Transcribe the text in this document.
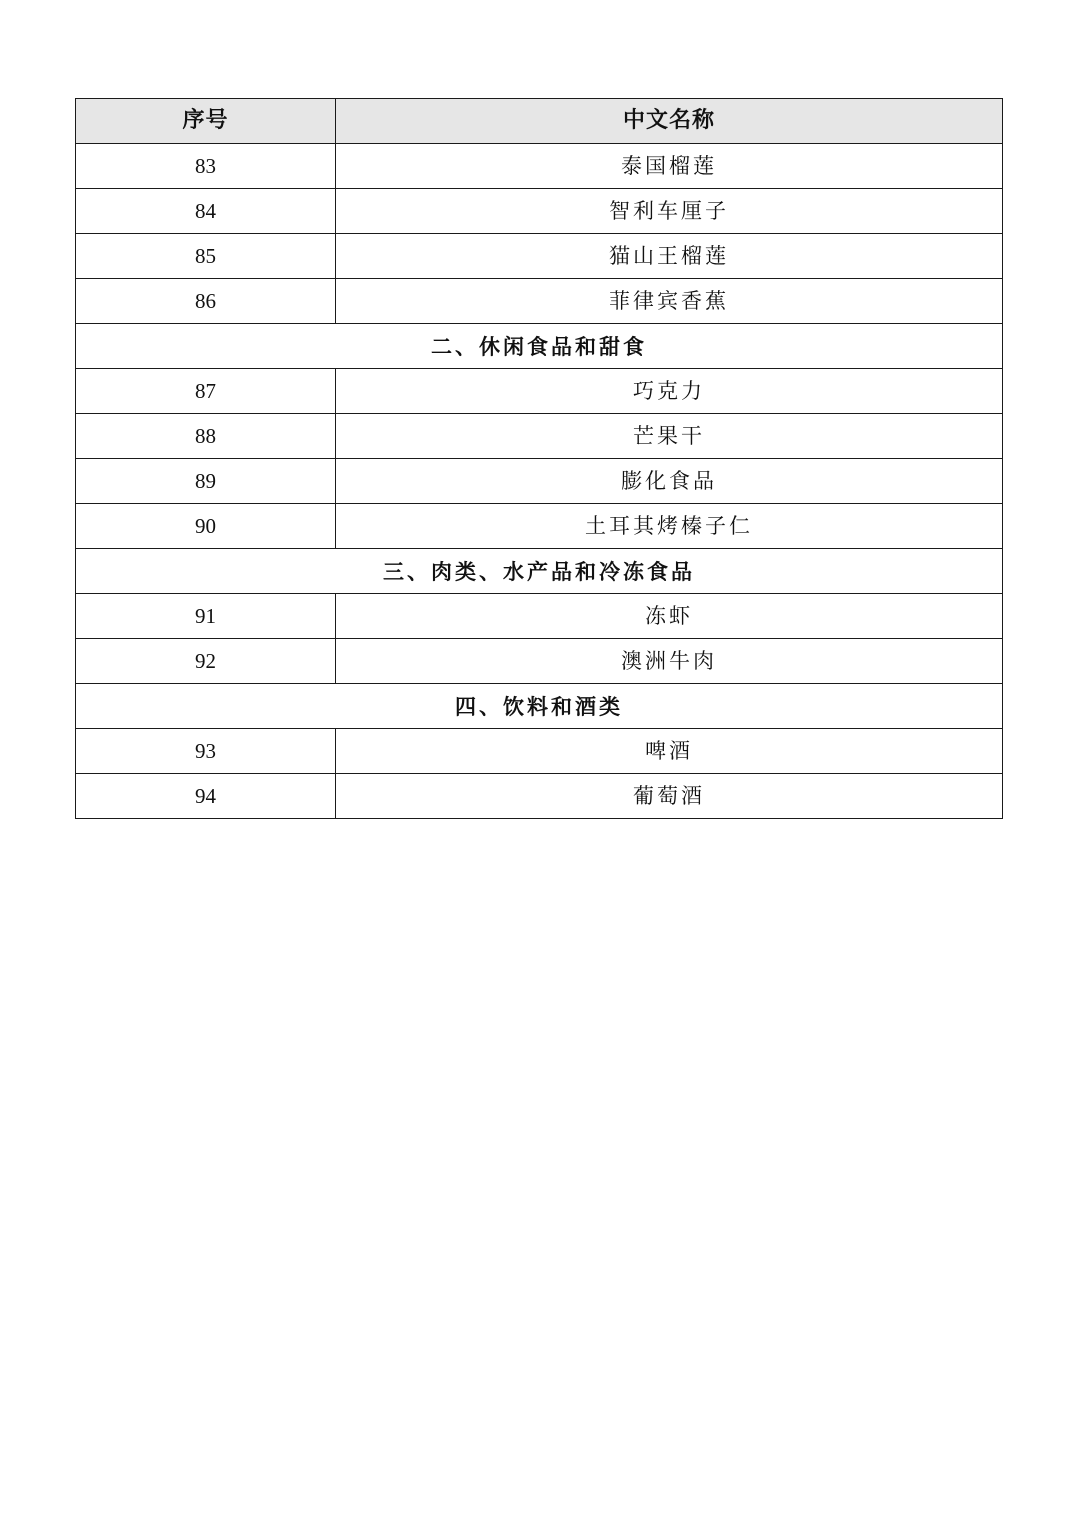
序号	中文名称
83	泰国榴莲
84	智利车厘子
85	猫山王榴莲
86	菲律宾香蕉
二、休闲食品和甜食	
87	巧克力
88	芒果干
89	膨化食品
90	土耳其烤榛子仁
三、肉类、水产品和冷冻食品	
91	冻虾
92	澳洲牛肉
四、饮料和酒类	
93	啤酒
94	葡萄酒
